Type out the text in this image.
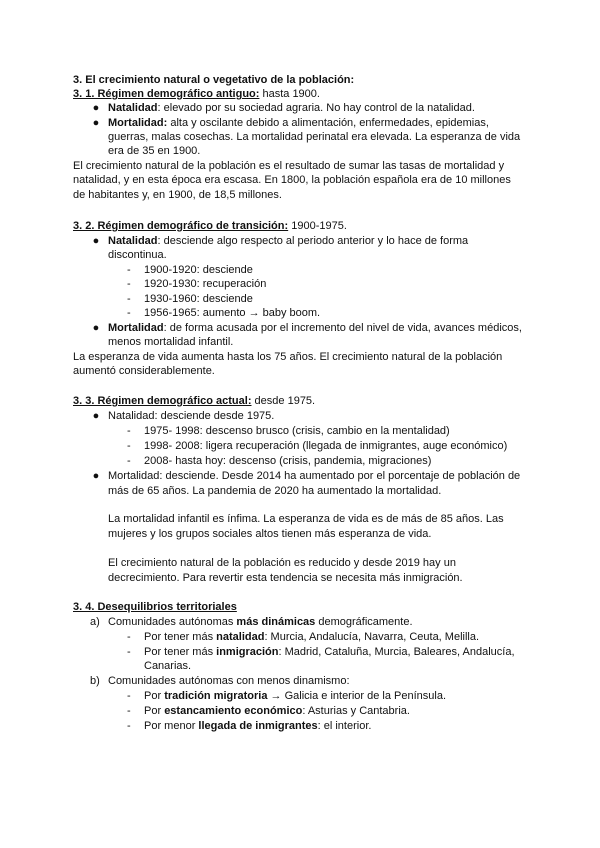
3. El crecimiento natural o vegetativo de la población:
3. 1. Régimen demográfico antiguo: hasta 1900.
● Natalidad: elevado por su sociedad agraria. No hay control de la natalidad.
● Mortalidad: alta y oscilante debido a alimentación, enfermedades, epidemias,
guerras, malas cosechas. La mortalidad perinatal era elevada. La esperanza de vida
era de 35 en 1900.
El crecimiento natural de la población es el resultado de sumar las tasas de mortalidad y
natalidad, y en esta época era escasa. En 1800, la población española era de 10 millones
de habitantes y, en 1900, de 18,5 millones.
3. 2. Régimen demográfico de transición: 1900-1975.
● Natalidad: desciende algo respecto al periodo anterior y lo hace de forma
discontinua.
- 1900-1920: desciende
- 1920-1930: recuperación
- 1930-1960: desciende
- 1956-1965: aumento → baby boom.
● Mortalidad: de forma acusada por el incremento del nivel de vida, avances médicos,
menos mortalidad infantil.
La esperanza de vida aumenta hasta los 75 años. El crecimiento natural de la población
aumentó considerablemente.
3. 3. Régimen demográfico actual: desde 1975.
● Natalidad: desciende desde 1975.
- 1975- 1998: descenso brusco (crisis, cambio en la mentalidad)
- 1998- 2008: ligera recuperación (llegada de inmigrantes, auge económico)
- 2008- hasta hoy: descenso (crisis, pandemia, migraciones)
● Mortalidad: desciende. Desde 2014 ha aumentado por el porcentaje de población de
más de 65 años. La pandemia de 2020 ha aumentado la mortalidad.
La mortalidad infantil es ínfima. La esperanza de vida es de más de 85 años. Las
mujeres y los grupos sociales altos tienen más esperanza de vida.
El crecimiento natural de la población es reducido y desde 2019 hay un
decrecimiento. Para revertir esta tendencia se necesita más inmigración.
3. 4. Desequilibrios territoriales
a) Comunidades autónomas más dinámicas demográficamente.
- Por tener más natalidad: Murcia, Andalucía, Navarra, Ceuta, Melilla.
- Por tener más inmigración: Madrid, Cataluña, Murcia, Baleares, Andalucía,
Canarias.
b) Comunidades autónomas con menos dinamismo:
- Por tradición migratoria → Galicia e interior de la Península.
- Por estancamiento económico: Asturias y Cantabria.
- Por menor llegada de inmigrantes: el interior.
